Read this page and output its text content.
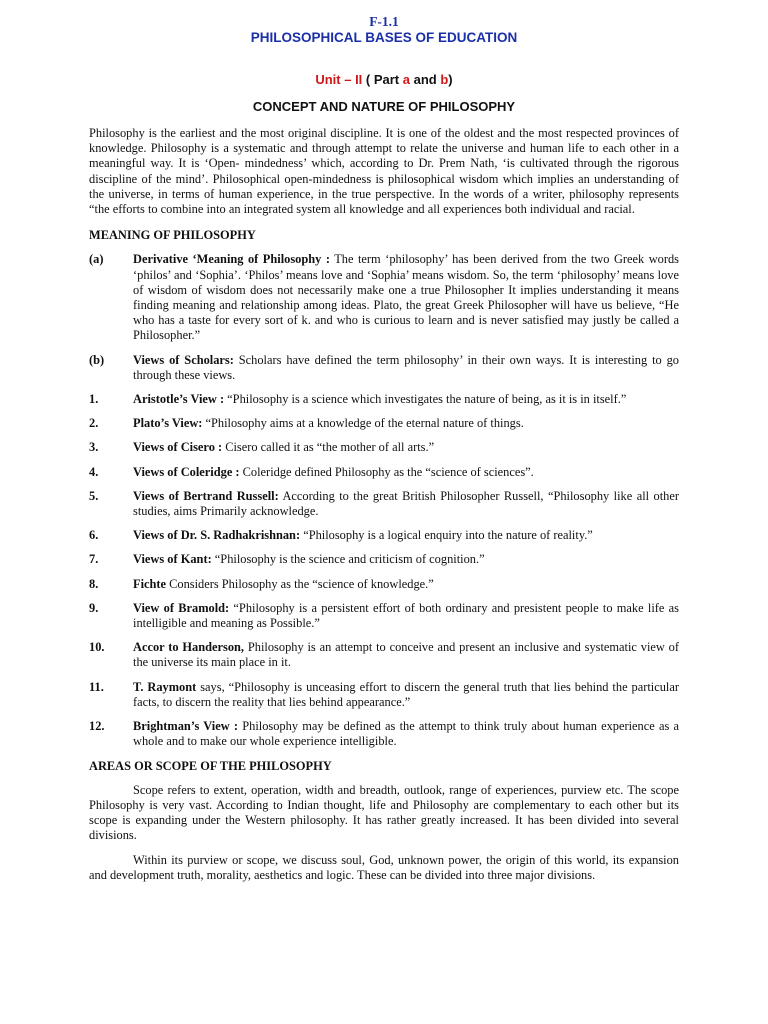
F-1.1
PHILOSOPHICAL BASES OF EDUCATION
Unit – II ( Part a and b)
CONCEPT AND NATURE OF PHILOSOPHY

Philosophy is the earliest and the most original discipline. It is one of the oldest and the most respected provinces of knowledge. Philosophy is a systematic and through attempt to relate the universe and human life to each other in a meaningful way. It is ‘Open- mindedness’ which, according to Dr. Prem Nath, ‘is cultivated through the rigorous discipline of the mind’. Philosophical open-mindedness is philosophical wisdom which implies an understanding of the universe, in terms of human experience, in the true perspective. In the words of a writer, philosophy represents “the efforts to combine into an integrated system all knowledge and all experiences both individual and racial.

MEANING OF PHILOSOPHY
(a)	Derivative ‘Meaning of Philosophy : The term ‘philosophy’ has been derived from the two Greek words ‘philos’ and ‘Sophia’. ‘Philos’ means love and ‘Sophia’ means wisdom. So, the term ‘philosophy’ means love of wisdom of wisdom does not necessarily make one a true Philosopher It implies understanding it means finding meaning and relationship among ideas. Plato, the great Greek Philosopher will have us believe, “He who has a taste for every sort of k. and who is curious to learn and is never satisfied may justly be called a Philosopher.”
(b)	Views of Scholars: Scholars have defined the term philosophy’ in their own ways. It is interesting to go through these views.
1.	Aristotle’s View : “Philosophy is a science which investigates the nature of being, as it is in itself.”
2.	Plato’s View: “Philosophy aims at a knowledge of the eternal nature of things.
3.	Views of Cisero : Cisero called it as “the mother of all arts.”
4.	Views of Coleridge : Coleridge defined Philosophy as the “science of sciences”.
5.	Views of Bertrand Russell: According to the great British Philosopher Russell, “Philosophy like all other studies, aims Primarily acknowledge.
6.	Views of Dr. S. Radhakrishnan: “Philosophy is a logical enquiry into the nature of reality.”
7.	Views of Kant: “Philosophy is the science and criticism of cognition.”
8.	Fichte Considers Philosophy as the “science of knowledge.”
9.	View of Bramold: “Philosophy is a persistent effort of both ordinary and presistent people to make life as intelligible and meaning as Possible.”
10.	Accor to Handerson, Philosophy is an attempt to conceive and present an inclusive and systematic view of the universe its main place in it.
11.	T. Raymont says, “Philosophy is unceasing effort to discern the general truth that lies behind the particular facts, to discern the reality that lies behind appearance.”
12.	Brightman’s View : Philosophy may be defined as the attempt to think truly about human experience as a whole and to make our whole experience intelligible.
AREAS OR SCOPE OF THE PHILOSOPHY

Scope refers to extent, operation, width and breadth, outlook, range of experiences, purview etc. The scope Philosophy is very vast. According to Indian thought, life and Philosophy are complementary to each other but its scope is expanding under the Western philosophy. It has rather greatly increased. It has been divided into several divisions.

Within its purview or scope, we discuss soul, God, unknown power, the origin of this world, its expansion and development truth, morality, aesthetics and logic. These can be divided into three major divisions.
